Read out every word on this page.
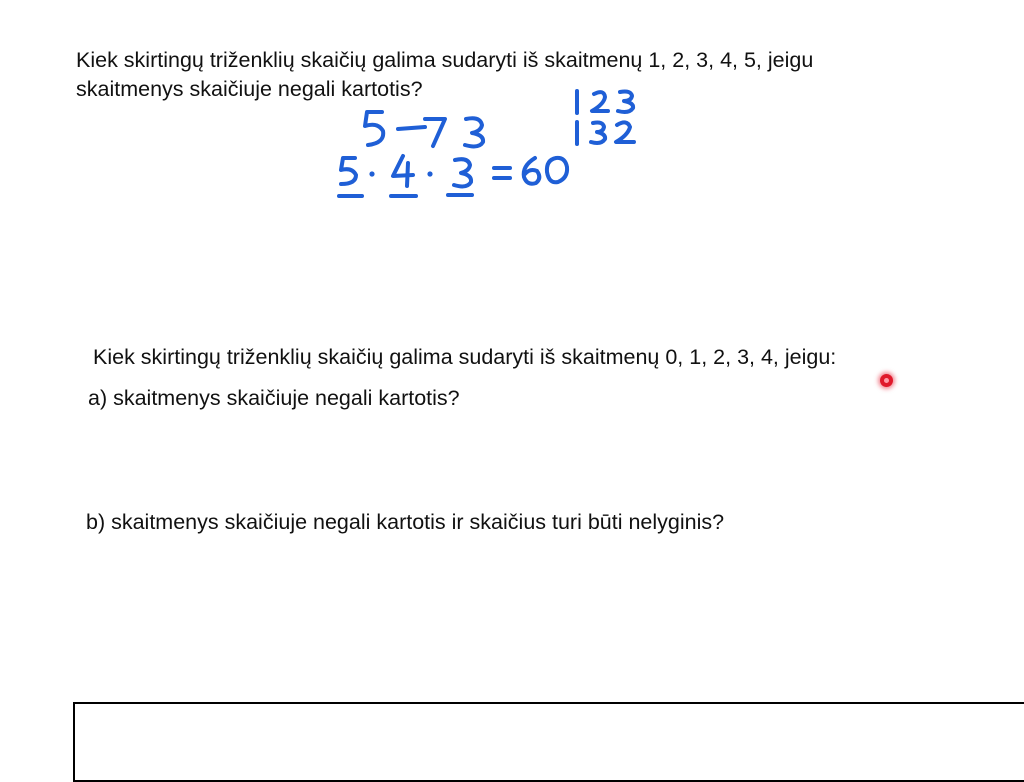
Kiek skirtingų triženklių skaičių galima sudaryti iš skaitmenų 1, 2, 3, 4, 5, jeigu

skaitmenys skaičiuje negali kartotis?

Kiek skirtingų triženklių skaičių galima sudaryti iš skaitmenų 0, 1, 2, 3, 4, jeigu:

a) skaitmenys skaičiuje negali kartotis?

b) skaitmenys skaičiuje negali kartotis ir skaičius turi būti nelyginis?
